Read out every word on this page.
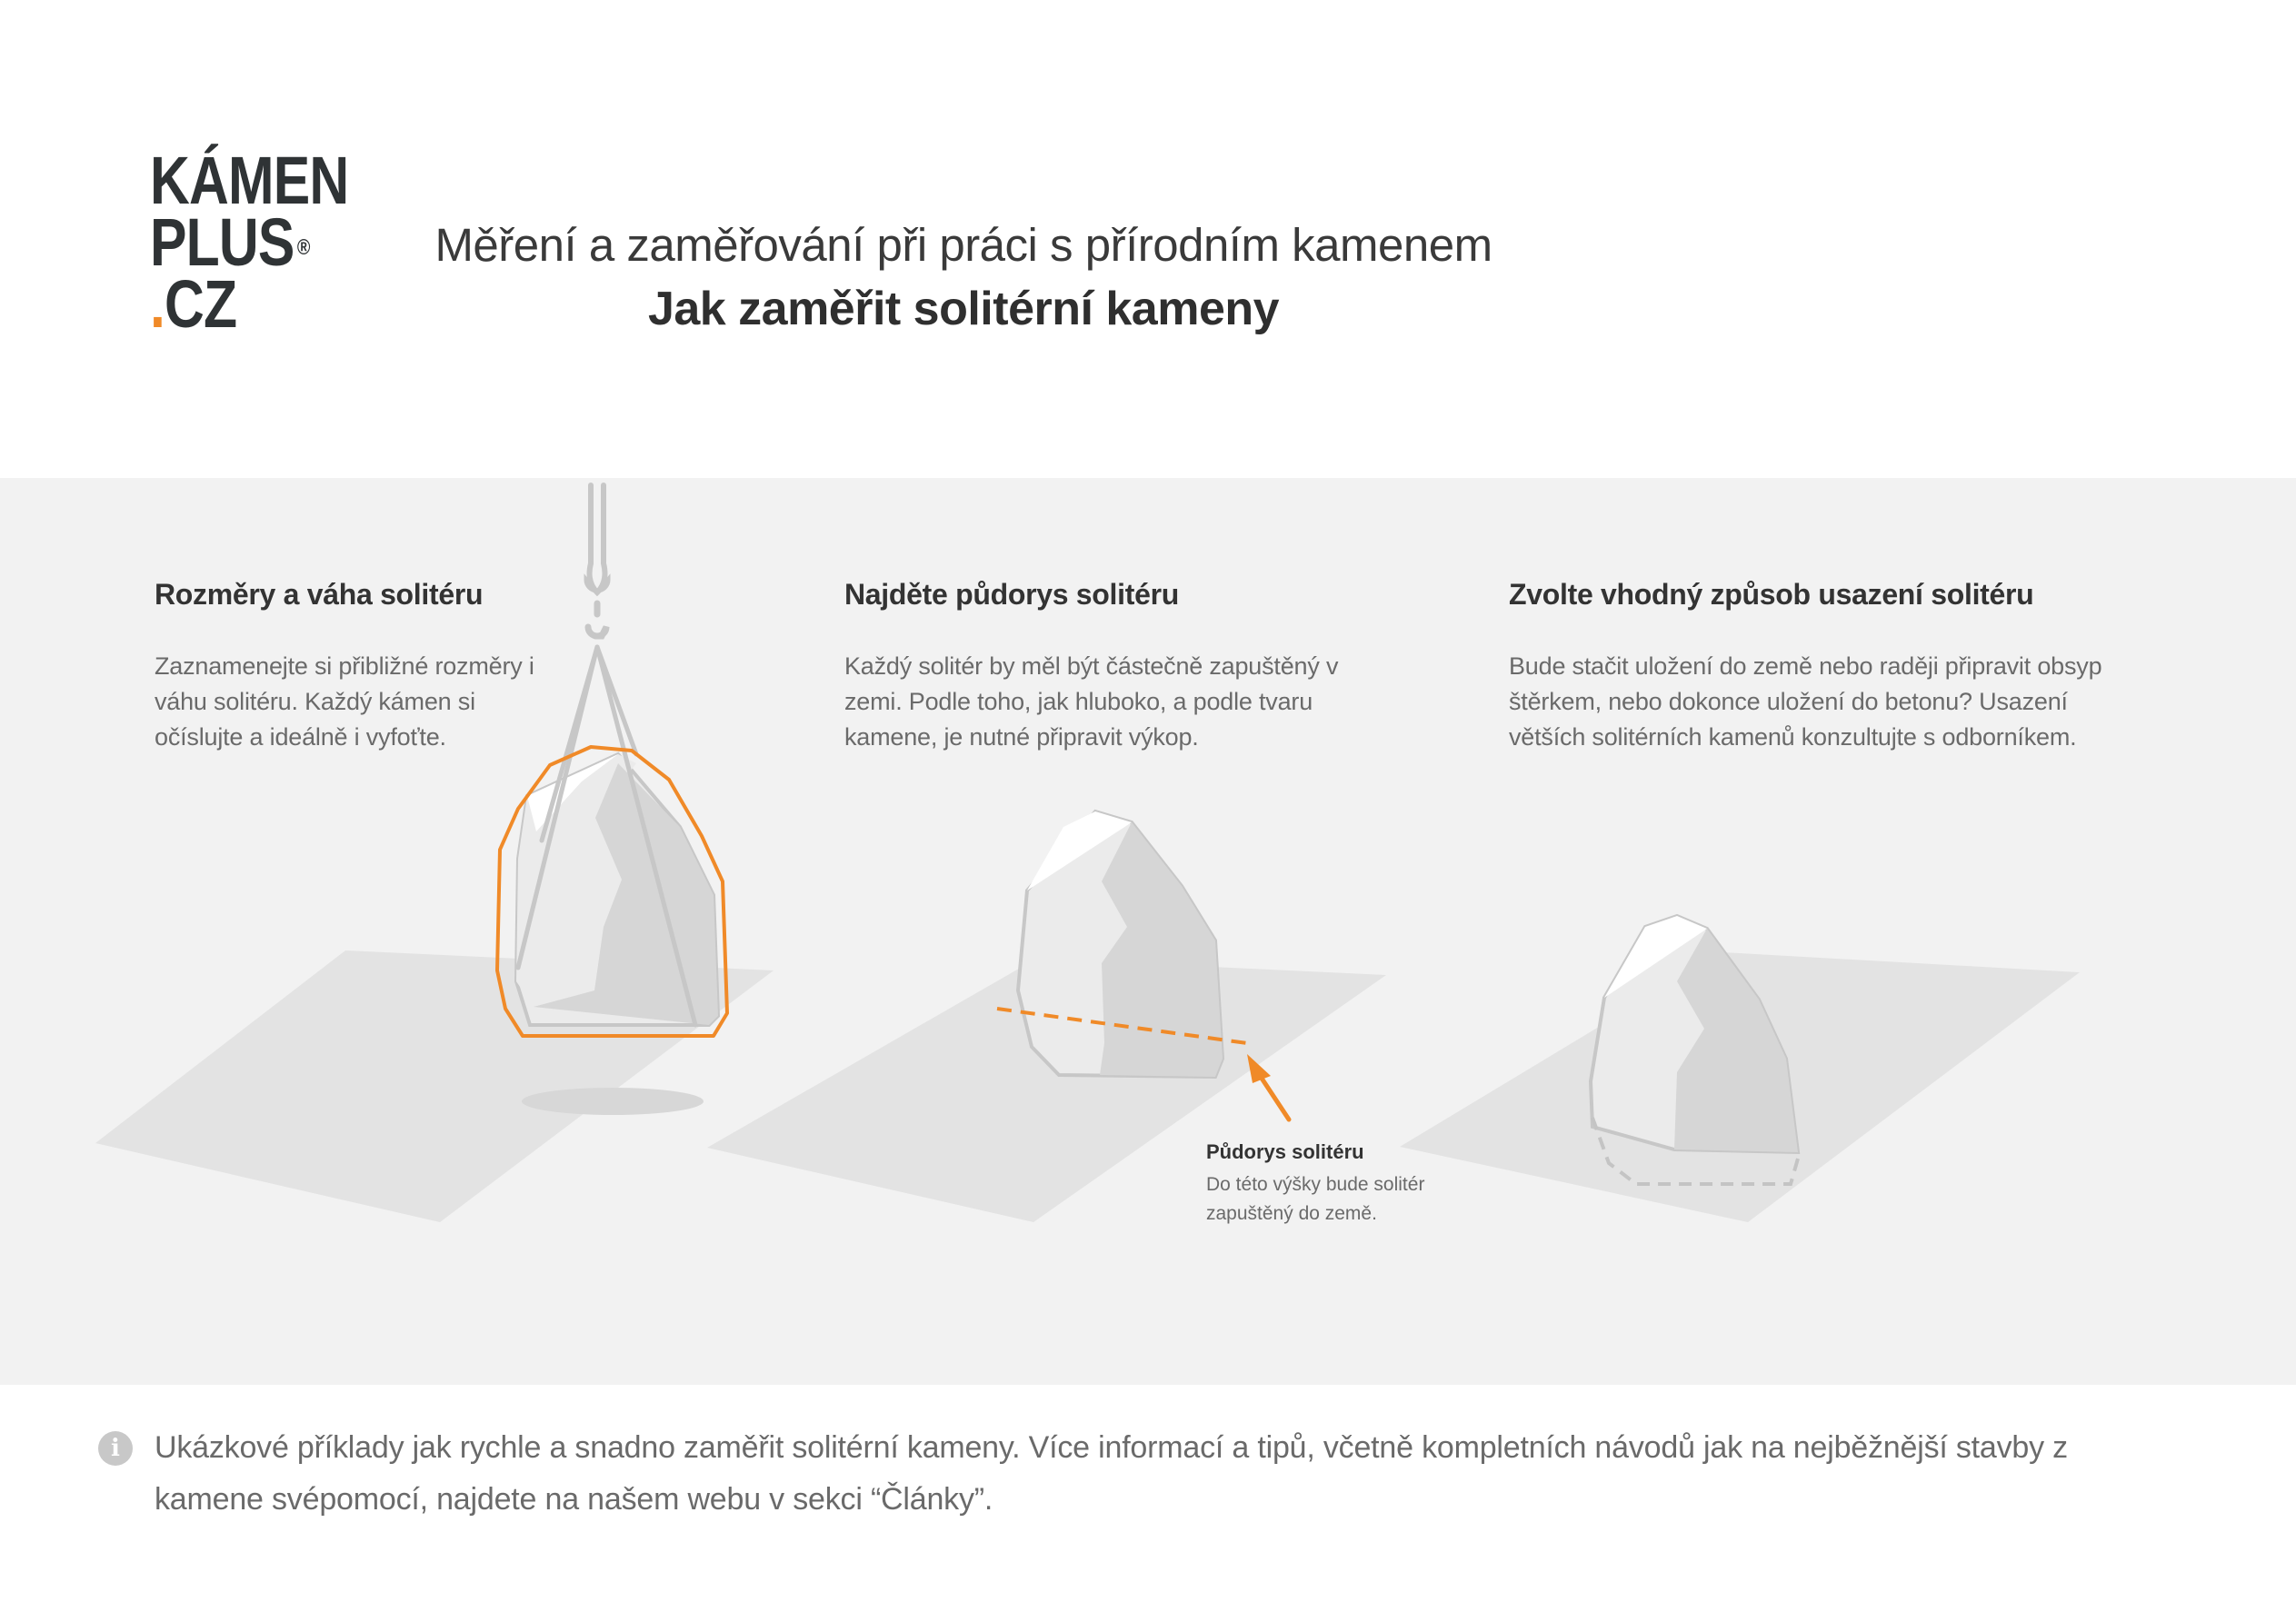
KÁMEN
PLUS ®
.CZ
Měření a zaměřování při práci s přírodním kamenem
Jak zaměřit solitérní kameny
Rozměry a váha solitéru
Zaznamenejte si přibližné rozměry i váhu solitéru. Každý kámen si očíslujte a ideálně i vyfoťte.
Najděte půdorys solitéru
Každý solitér by měl být částečně zapuštěný v zemi. Podle toho, jak hluboko, a podle tvaru kamene, je nutné připravit výkop.
Zvolte vhodný způsob usazení solitéru
Bude stačit uložení do země nebo raději připravit obsyp štěrkem, nebo dokonce uložení do betonu? Usazení větších solitérních kamenů konzultujte s odborníkem.
Půdorys solitéru
Do této výšky bude solitér zapuštěný do země.
i	Ukázkové příklady jak rychle a snadno zaměřit solitérní kameny. Více informací a tipů, včetně kompletních návodů jak na nejběžnější stavby z kamene svépomocí, najdete na našem webu v sekci “Články”.
